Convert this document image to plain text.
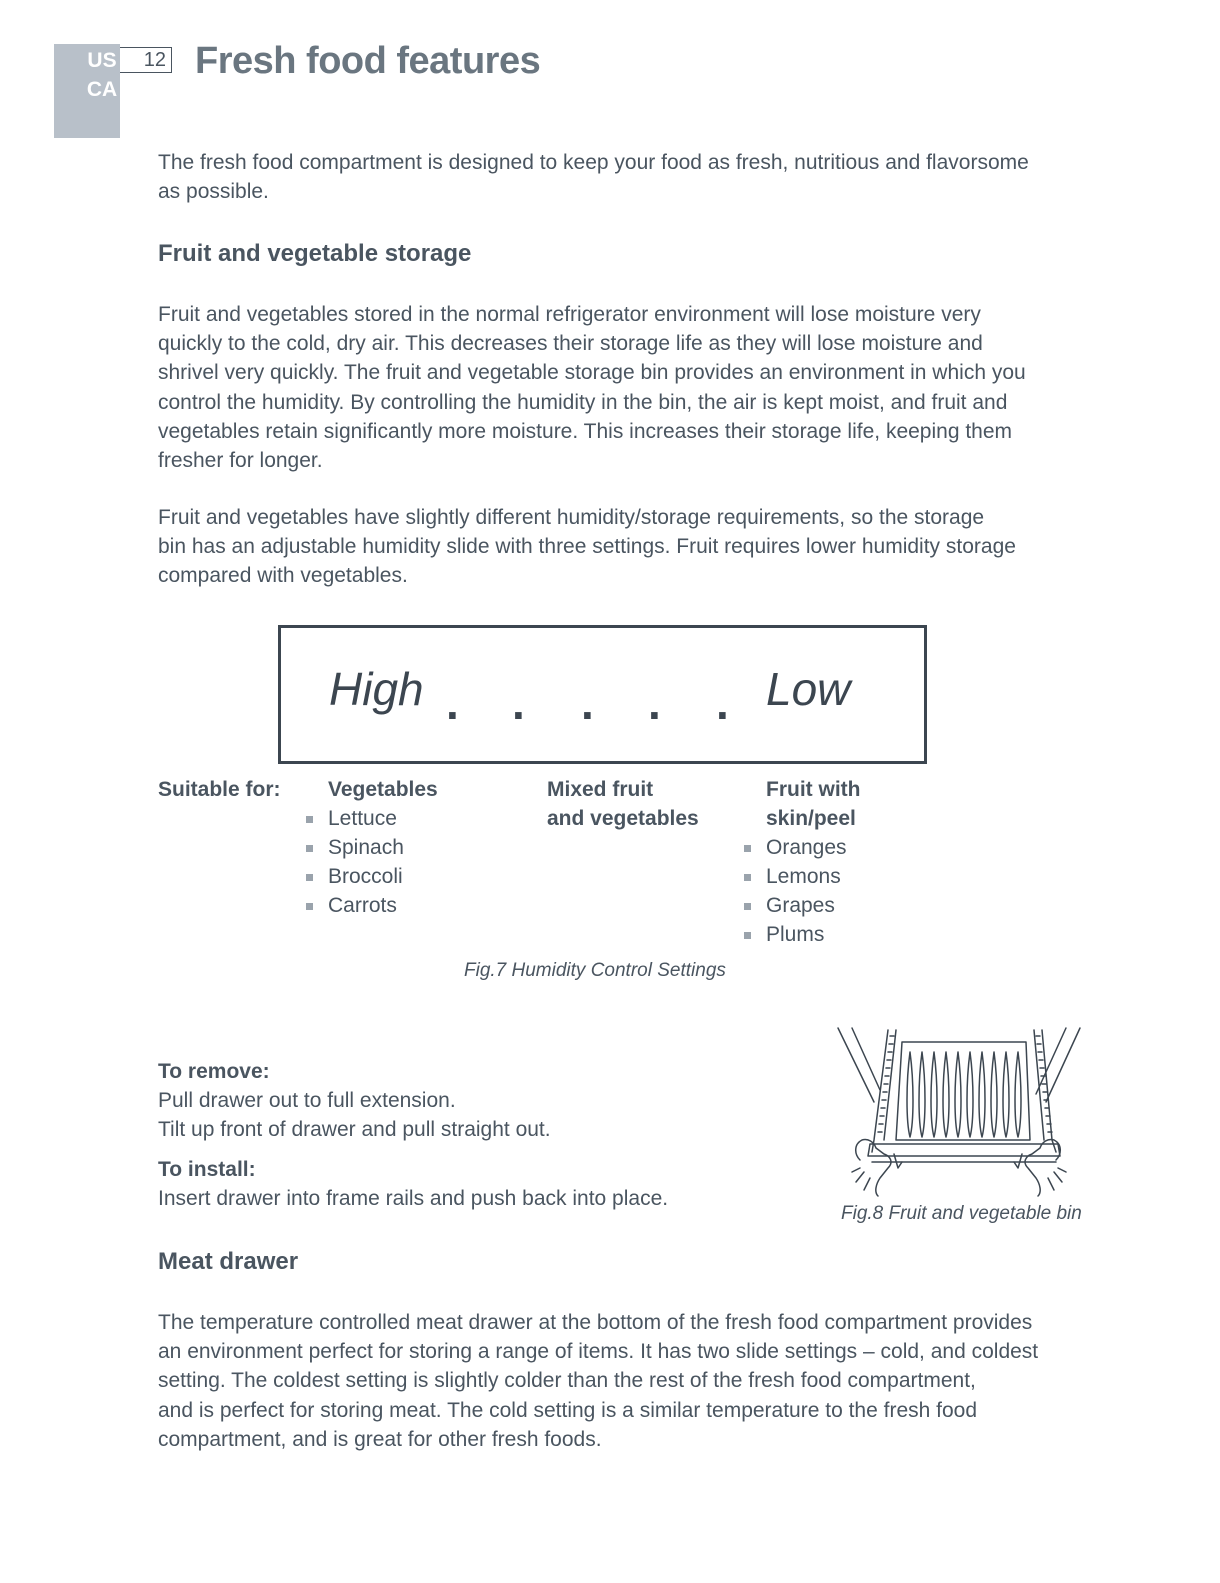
US
CA
12 Fresh food features

The fresh food compartment is designed to keep your food as fresh, nutritious and flavorsome
as possible.

Fruit and vegetable storage

Fruit and vegetables stored in the normal refrigerator environment will lose moisture very
quickly to the cold, dry air. This decreases their storage life as they will lose moisture and
shrivel very quickly. The fruit and vegetable storage bin provides an environment in which you
control the humidity. By controlling the humidity in the bin, the air is kept moist, and fruit and
vegetables retain significantly more moisture. This increases their storage life, keeping them
fresher for longer.

Fruit and vegetables have slightly different humidity/storage requirements, so the storage
bin has an adjustable humidity slide with three settings. Fruit requires lower humidity storage
compared with vegetables.

High	Low
. . . . .
Suitable for: Vegetables
Lettuce
Spinach
Broccoli
Carrots
Mixed fruit
and vegetables
Fruit with
skin/peel
Oranges
Lemons
Grapes
Plums
Fig.7 Humidity Control Settings

To remove:
Pull drawer out to full extension.
Tilt up front of drawer and pull straight out.

To install:
Insert drawer into frame rails and push back into place.

Fig.8 Fruit and vegetable bin
Meat drawer

The temperature controlled meat drawer at the bottom of the fresh food compartment provides
an environment perfect for storing a range of items. It has two slide settings – cold, and coldest
setting. The coldest setting is slightly colder than the rest of the fresh food compartment,
and is perfect for storing meat. The cold setting is a similar temperature to the fresh food
compartment, and is great for other fresh foods.
